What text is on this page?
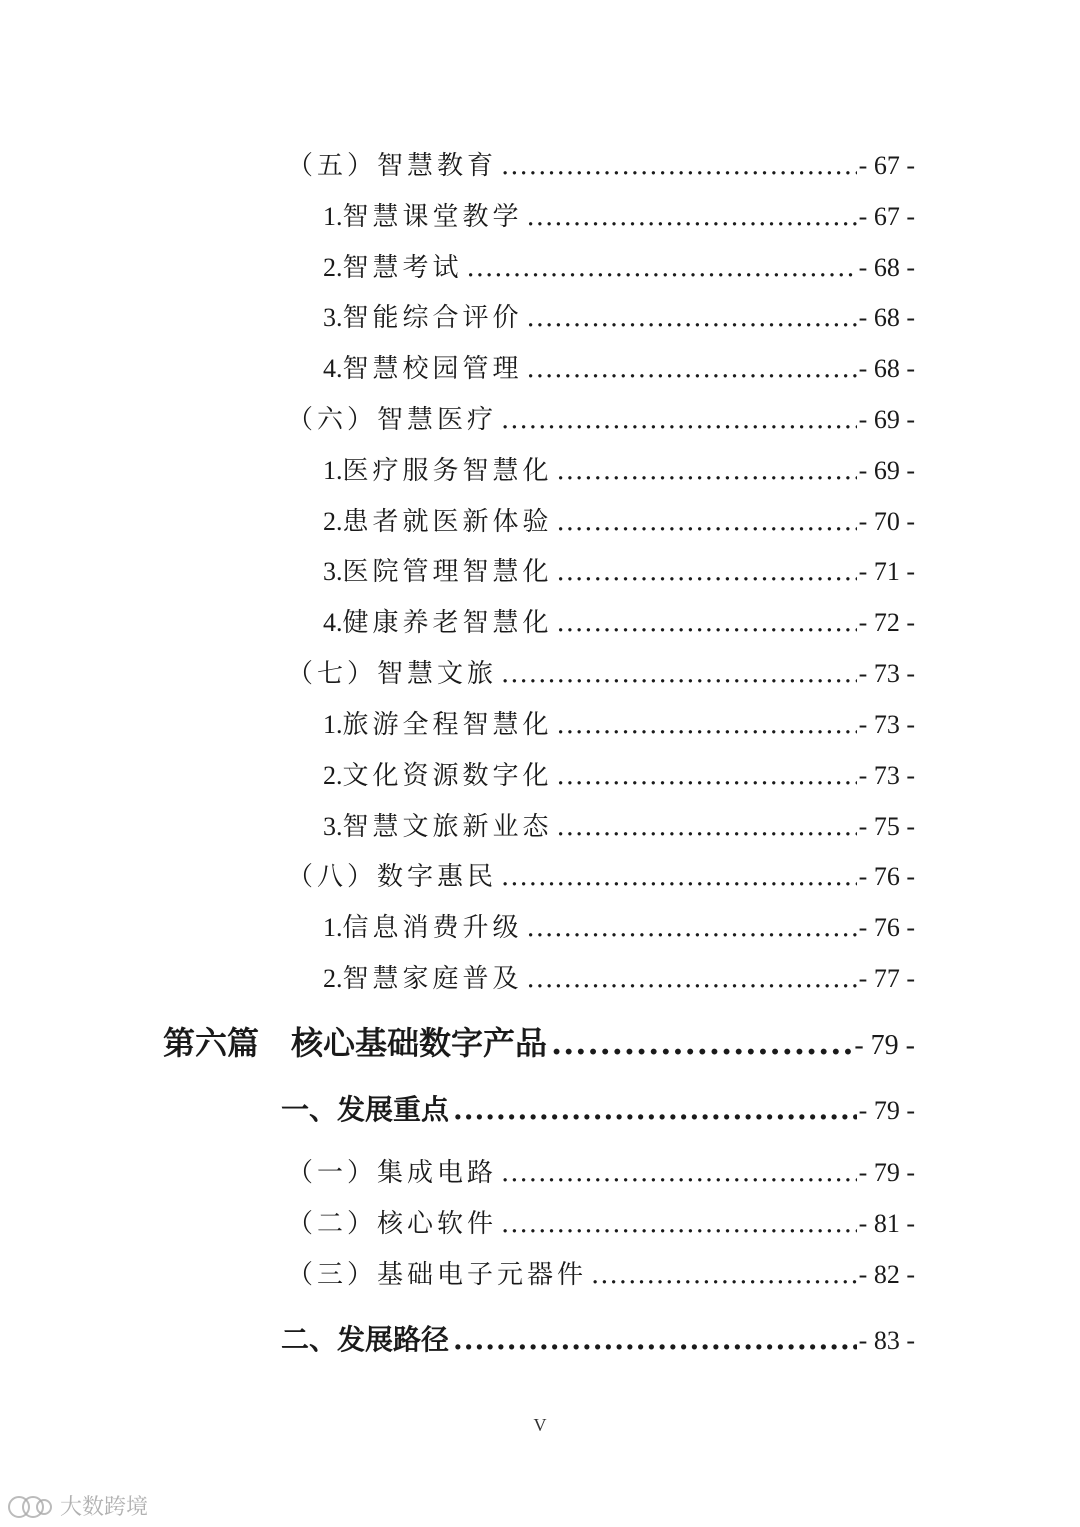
（五）智慧教育 .....	- 67 -
1.智慧课堂教学 .....	- 67 -
2.智慧考试 .....	- 68 -
3.智能综合评价 .....	- 68 -
4.智慧校园管理 .....	- 68 -
（六）智慧医疗 .....	- 69 -
1.医疗服务智慧化 .....	- 69 -
2.患者就医新体验 .....	- 70 -
3.医院管理智慧化 .....	- 71 -
4.健康养老智慧化 .....	- 72 -
（七）智慧文旅 .....	- 73 -
1.旅游全程智慧化 .....	- 73 -
2.文化资源数字化 .....	- 73 -
3.智慧文旅新业态 .....	- 75 -
（八）数字惠民 .....	- 76 -
1.信息消费升级 .....	- 76 -
2.智慧家庭普及 .....	- 77 -
第六篇　核心基础数字产品 .....	- 79 -
一、发展重点 .....	- 79 -
（一）集成电路 .....	- 79 -
（二）核心软件 .....	- 81 -
（三）基础电子元器件 .....	- 82 -
二、发展路径 .....	- 83 -
V
大数跨境
